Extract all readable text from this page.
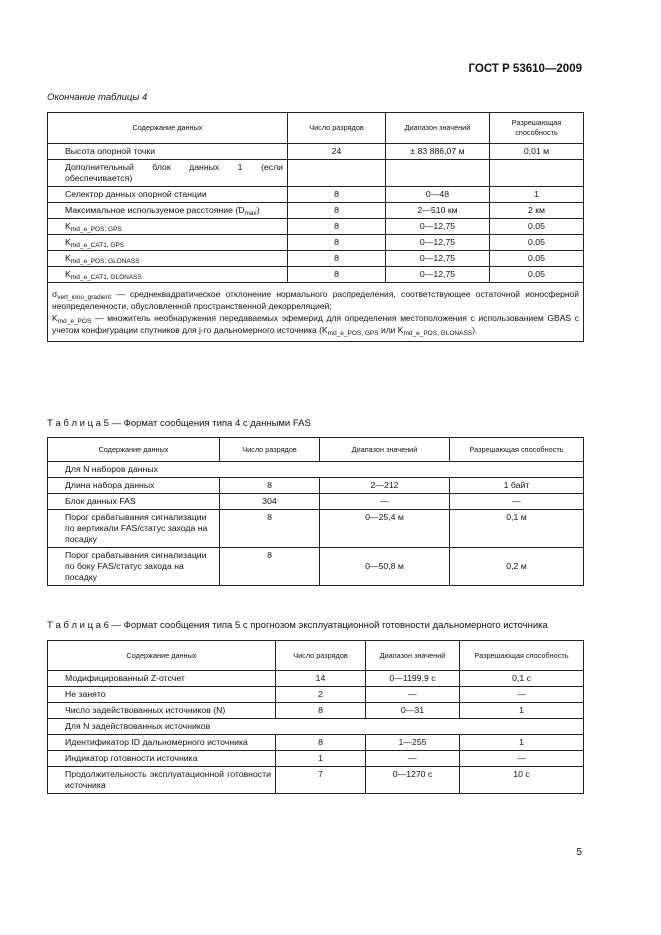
ГОСТ Р 53610—2009
Окончание таблицы 4
Содержание данных	Число разрядов	Диапазон значений	Разрешающая способность
Высота опорной точки	24	± 83 886,07 м	0,01 м
Дополнительный блок данных 1 (если обеспечивается)			
Селектор данных опорной станции	8	0—48	1
Максимальное используемое расстояние $(D_{max})$	8	2—510 км	2 км
$K_{md\_e\_POS, GPS}$	8	0—12,75	0,05
$K_{md\_e\_CAT1, GPS}$	8	0—12,75	0,05
$K_{md\_e\_POS, GLONASS}$	8	0—12,75	0,05
$K_{md\_e\_CAT1, GLONASS}$	8	0—12,75	0,05
$\sigma_{vert\_iono\_gradient}$ — среднеквадратическое отклонение нормального распределения, соответствующее остаточной ионосферной неопределенности, обусловленной пространственной декорреляцией;
$K_{md\_e\_POS}$ — множитель необнаружения передаваемых эфемерид для определения местоположения с использованием GBAS с учетом конфигурации спутников для j-го дальномерного источника ($K_{md\_e\_POS, GPS}$ или $K_{md\_e\_POS, GLONASS}$).			
Т а б л и ц а 5 — Формат сообщения типа 4 с данными FAS
Содержание данных	Число разрядов	Диапазон значений	Разрешающая способность
Для N наборов данных			
Длина набора данных	8	2—212	1 байт
Блок данных FAS	304	—	—
Порог срабатывания сигнализации по вертикали FAS/статус захода на посадку	8	0—25,4 м	0,1 м
Порог срабатывания сигнализации по боку FAS/статус захода на посадку	8	0—50,8 м	0,2 м
Т а б л и ц а 6 — Формат сообщения типа 5 с прогнозом эксплуатационной готовности дальномерного источника
Содержание данных	Число разрядов	Диапазон значений	Разрешающая способность
Модифицированный Z-отсчет	14	0—1199,9 с	0,1 с
Не занято	2	—	—
Число задействованных источников (N)	8	0—31	1
Для N задействованных источников			
Идентификатор ID дальномерного источника	8	1—255	1
Индикатор готовности источника	1	—	—
Продолжительность эксплуатационной готовности источника	7	0—1270 с	10 с
5
